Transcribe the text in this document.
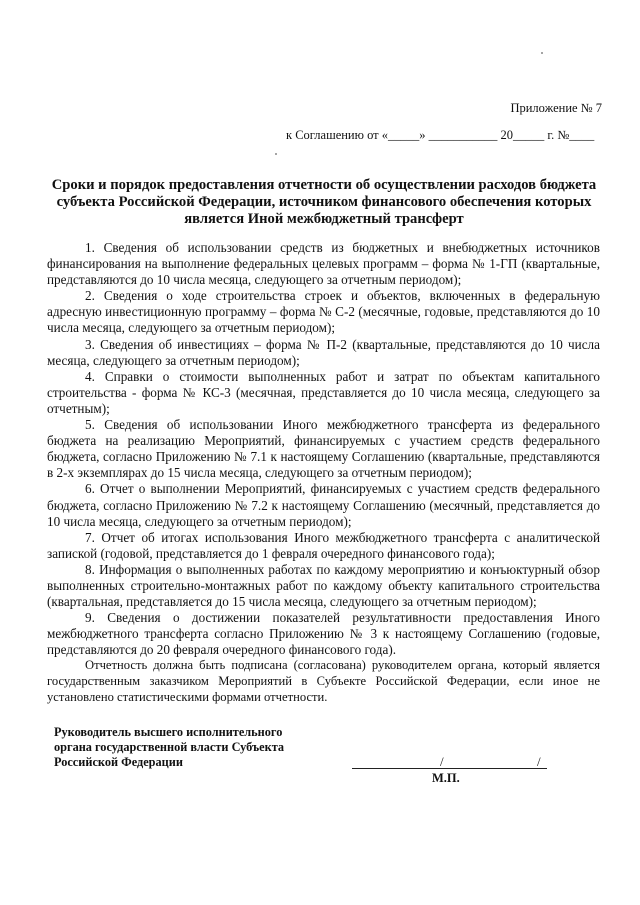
Приложение № 7
к Соглашению от «_____» ___________ 20_____ г. №____
Сроки и порядок предоставления отчетности об осуществлении расходов бюджета субъекта Российской Федерации, источником финансового обеспечения которых является Иной межбюджетный трансферт

1. Сведения об использовании средств из бюджетных и внебюджетных источников финансирования на выполнение федеральных целевых программ – форма № 1-ГП (квартальные, представляются до 10 числа месяца, следующего за отчетным периодом);

2. Сведения о ходе строительства строек и объектов, включенных в федеральную адресную инвестиционную программу – форма № С-2 (месячные, годовые, представляются до 10 числа месяца, следующего за отчетным периодом);

3. Сведения об инвестициях – форма № П-2 (квартальные, представляются до 10 числа месяца, следующего за отчетным периодом);

4. Справки о стоимости выполненных работ и затрат по объектам капитального строительства - форма № КС-3 (месячная, представляется до 10 числа месяца, следующего за отчетным);

5. Сведения об использовании Иного межбюджетного трансферта из федерального бюджета на реализацию Мероприятий, финансируемых с участием средств федерального бюджета, согласно Приложению № 7.1 к настоящему Соглашению (квартальные, представляются в 2-х экземплярах до 15 числа месяца, следующего за отчетным периодом);

6. Отчет о выполнении Мероприятий, финансируемых с участием средств федерального бюджета, согласно Приложению № 7.2 к настоящему Соглашению (месячный, представляется до 10 числа месяца, следующего за отчетным периодом);

7. Отчет об итогах использования Иного межбюджетного трансферта с аналитической запиской (годовой, представляется до 1 февраля очередного финансового года);

8. Информация о выполненных работах по каждому мероприятию и конъюктурный обзор выполненных строительно-монтажных работ по каждому объекту капитального строительства (квартальная, представляется до 15 числа месяца, следующего за отчетным периодом);

9. Сведения о достижении показателей результативности предоставления Иного межбюджетного трансферта согласно Приложению № 3 к настоящему Соглашению (годовые, представляются до 20 февраля очередного финансового года).

Отчетность должна быть подписана (согласована) руководителем органа, который является государственным заказчиком Мероприятий в Субъекте Российской Федерации, если иное не установлено статистическими формами отчетности.
Руководитель высшего исполнительного
органа государственной власти Субъекта
Российской Федерации	/	/
М.П.
